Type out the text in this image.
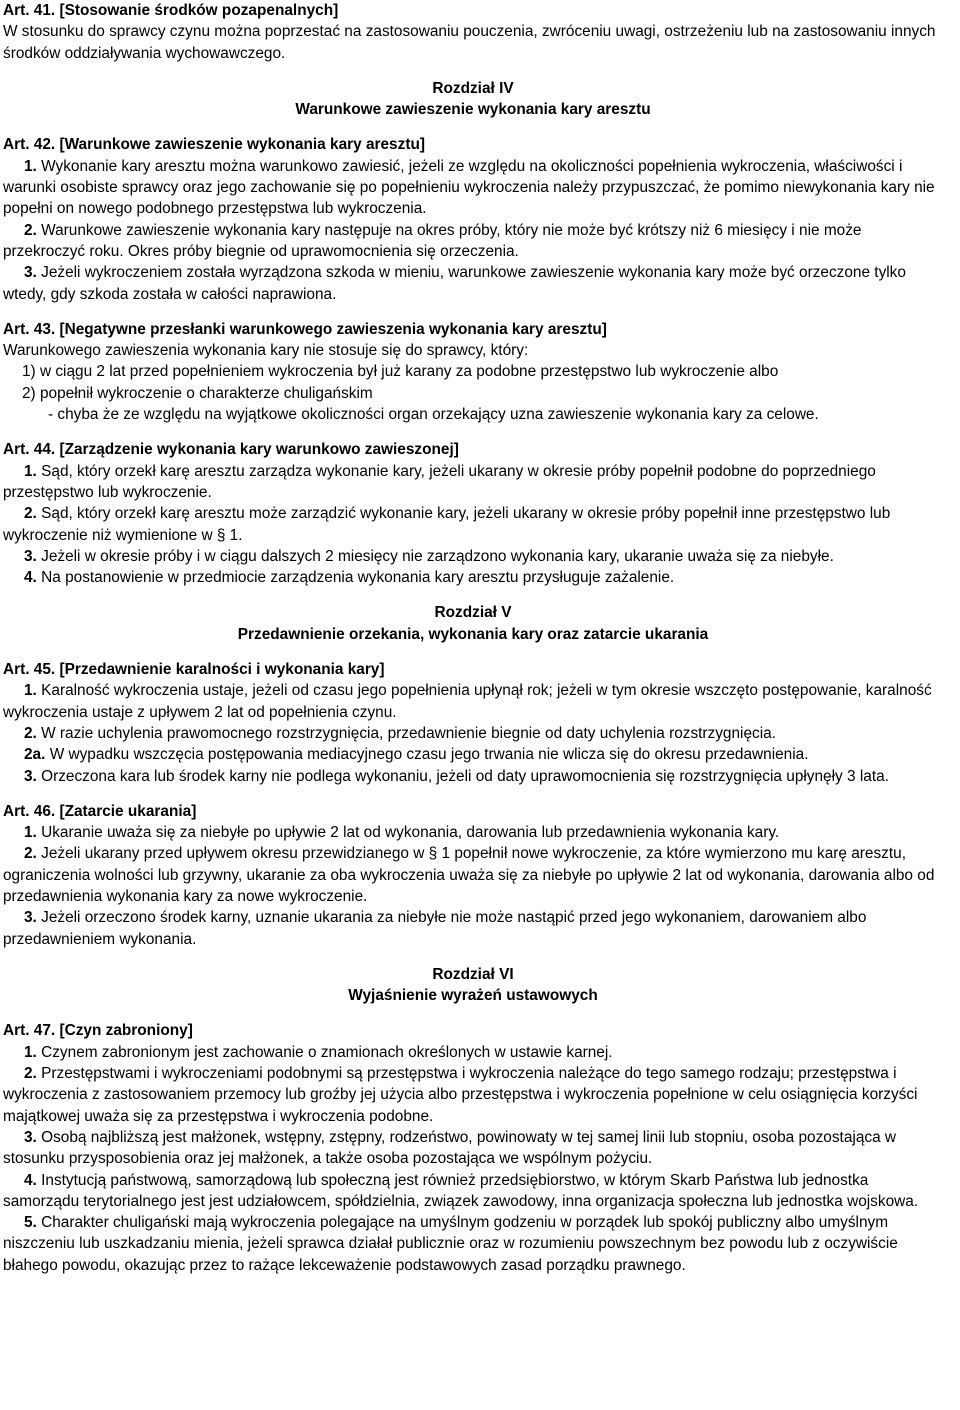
Art. 41. [Stosowanie środków pozapenalnych]

W stosunku do sprawcy czynu można poprzestać na zastosowaniu pouczenia, zwróceniu uwagi, ostrzeżeniu lub na zastosowaniu innych środków oddziaływania wychowawczego.

Rozdział IV

Warunkowe zawieszenie wykonania kary aresztu

Art. 42. [Warunkowe zawieszenie wykonania kary aresztu]

1. Wykonanie kary aresztu można warunkowo zawiesić, jeżeli ze względu na okoliczności popełnienia wykroczenia, właściwości i warunki osobiste sprawcy oraz jego zachowanie się po popełnieniu wykroczenia należy przypuszczać, że pomimo niewykonania kary nie popełni on nowego podobnego przestępstwa lub wykroczenia.

2. Warunkowe zawieszenie wykonania kary następuje na okres próby, który nie może być krótszy niż 6 miesięcy i nie może przekroczyć roku. Okres próby biegnie od uprawomocnienia się orzeczenia.

3. Jeżeli wykroczeniem została wyrządzona szkoda w mieniu, warunkowe zawieszenie wykonania kary może być orzeczone tylko wtedy, gdy szkoda została w całości naprawiona.

Art. 43. [Negatywne przesłanki warunkowego zawieszenia wykonania kary aresztu]

Warunkowego zawieszenia wykonania kary nie stosuje się do sprawcy, który:

1) w ciągu 2 lat przed popełnieniem wykroczenia był już karany za podobne przestępstwo lub wykroczenie albo

2) popełnił wykroczenie o charakterze chuligańskim

- chyba że ze względu na wyjątkowe okoliczności organ orzekający uzna zawieszenie wykonania kary za celowe.

Art. 44. [Zarządzenie wykonania kary warunkowo zawieszonej]

1. Sąd, który orzekł karę aresztu zarządza wykonanie kary, jeżeli ukarany w okresie próby popełnił podobne do poprzedniego przestępstwo lub wykroczenie.

2. Sąd, który orzekł karę aresztu może zarządzić wykonanie kary, jeżeli ukarany w okresie próby popełnił inne przestępstwo lub wykroczenie niż wymienione w § 1.

3. Jeżeli w okresie próby i w ciągu dalszych 2 miesięcy nie zarządzono wykonania kary, ukaranie uważa się za niebyłe.

4. Na postanowienie w przedmiocie zarządzenia wykonania kary aresztu przysługuje zażalenie.

Rozdział V

Przedawnienie orzekania, wykonania kary oraz zatarcie ukarania

Art. 45. [Przedawnienie karalności i wykonania kary]

1. Karalność wykroczenia ustaje, jeżeli od czasu jego popełnienia upłynął rok; jeżeli w tym okresie wszczęto postępowanie, karalność wykroczenia ustaje z upływem 2 lat od popełnienia czynu.

2. W razie uchylenia prawomocnego rozstrzygnięcia, przedawnienie biegnie od daty uchylenia rozstrzygnięcia.

2a. W wypadku wszczęcia postępowania mediacyjnego czasu jego trwania nie wlicza się do okresu przedawnienia.

3. Orzeczona kara lub środek karny nie podlega wykonaniu, jeżeli od daty uprawomocnienia się rozstrzygnięcia upłynęły 3 lata.

Art. 46. [Zatarcie ukarania]

1. Ukaranie uważa się za niebyłe po upływie 2 lat od wykonania, darowania lub przedawnienia wykonania kary.

2. Jeżeli ukarany przed upływem okresu przewidzianego w § 1 popełnił nowe wykroczenie, za które wymierzono mu karę aresztu, ograniczenia wolności lub grzywny, ukaranie za oba wykroczenia uważa się za niebyłe po upływie 2 lat od wykonania, darowania albo od przedawnienia wykonania kary za nowe wykroczenie.

3. Jeżeli orzeczono środek karny, uznanie ukarania za niebyłe nie może nastąpić przed jego wykonaniem, darowaniem albo przedawnieniem wykonania.

Rozdział VI

Wyjaśnienie wyrażeń ustawowych

Art. 47. [Czyn zabroniony]

1. Czynem zabronionym jest zachowanie o znamionach określonych w ustawie karnej.

2. Przestępstwami i wykroczeniami podobnymi są przestępstwa i wykroczenia należące do tego samego rodzaju; przestępstwa i wykroczenia z zastosowaniem przemocy lub groźby jej użycia albo przestępstwa i wykroczenia popełnione w celu osiągnięcia korzyści majątkowej uważa się za przestępstwa i wykroczenia podobne.

3. Osobą najbliższą jest małżonek, wstępny, zstępny, rodzeństwo, powinowaty w tej samej linii lub stopniu, osoba pozostająca w stosunku przysposobienia oraz jej małżonek, a także osoba pozostająca we wspólnym pożyciu.

4. Instytucją państwową, samorządową lub społeczną jest również przedsiębiorstwo, w którym Skarb Państwa lub jednostka samorządu terytorialnego jest jest udziałowcem, spółdzielnia, związek zawodowy, inna organizacja społeczna lub jednostka wojskowa.

5. Charakter chuligański mają wykroczenia polegające na umyślnym godzeniu w porządek lub spokój publiczny albo umyślnym niszczeniu lub uszkadzaniu mienia, jeżeli sprawca działał publicznie oraz w rozumieniu powszechnym bez powodu lub z oczywiście błahego powodu, okazując przez to rażące lekceważenie podstawowych zasad porządku prawnego.
